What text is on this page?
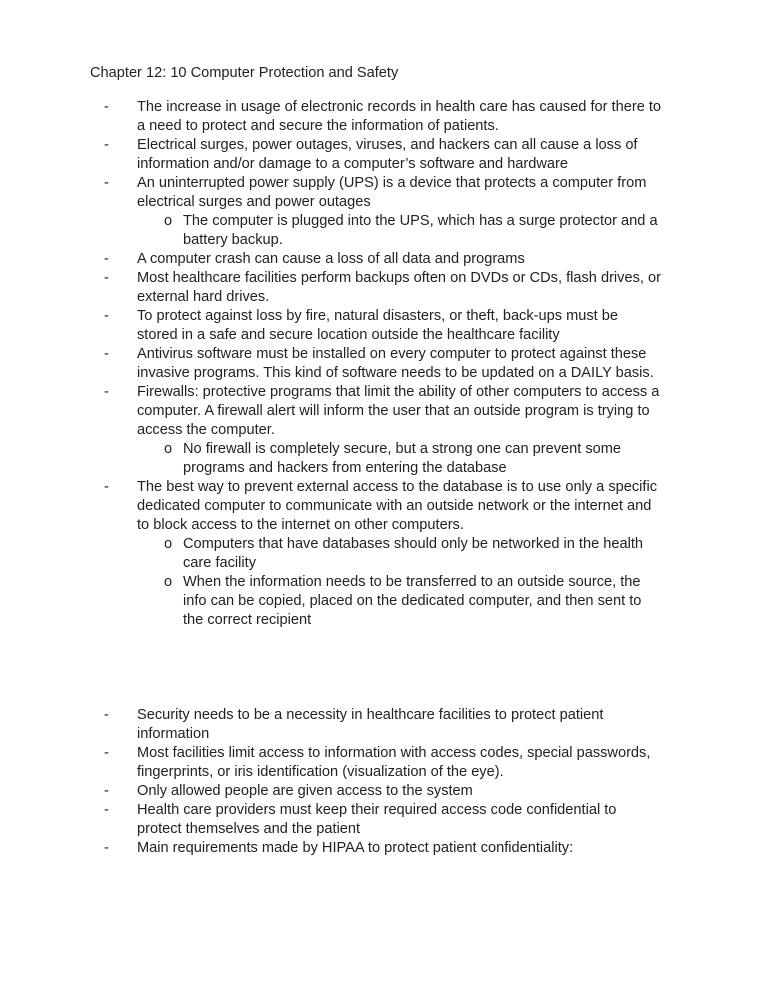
Chapter 12: 10 Computer Protection and Safety
-	The increase in usage of electronic records in health care has caused for there to
a need to protect and secure the information of patients.
-	Electrical surges, power outages, viruses, and hackers can all cause a loss of
information and/or damage to a computer’s software and hardware
-	An uninterrupted power supply (UPS) is a device that protects a computer from
electrical surges and power outages
o The computer is plugged into the UPS, which has a surge protector and a
battery backup.
-	A computer crash can cause a loss of all data and programs
-	Most healthcare facilities perform backups often on DVDs or CDs, flash drives, or
external hard drives.
-	To protect against loss by fire, natural disasters, or theft, back-ups must be
stored in a safe and secure location outside the healthcare facility
-	Antivirus software must be installed on every computer to protect against these
invasive programs. This kind of software needs to be updated on a DAILY basis.
-	Firewalls: protective programs that limit the ability of other computers to access a
computer. A firewall alert will inform the user that an outside program is trying to
access the computer.
o No firewall is completely secure, but a strong one can prevent some
programs and hackers from entering the database
-	The best way to prevent external access to the database is to use only a specific
dedicated computer to communicate with an outside network or the internet and
to block access to the internet on other computers.
o Computers that have databases should only be networked in the health
care facility
o When the information needs to be transferred to an outside source, the
info can be copied, placed on the dedicated computer, and then sent to
the correct recipient
-	Security needs to be a necessity in healthcare facilities to protect patient
information
-	Most facilities limit access to information with access codes, special passwords,
fingerprints, or iris identification (visualization of the eye).
-	Only allowed people are given access to the system
-	Health care providers must keep their required access code confidential to
protect themselves and the patient
-	Main requirements made by HIPAA to protect patient confidentiality:
